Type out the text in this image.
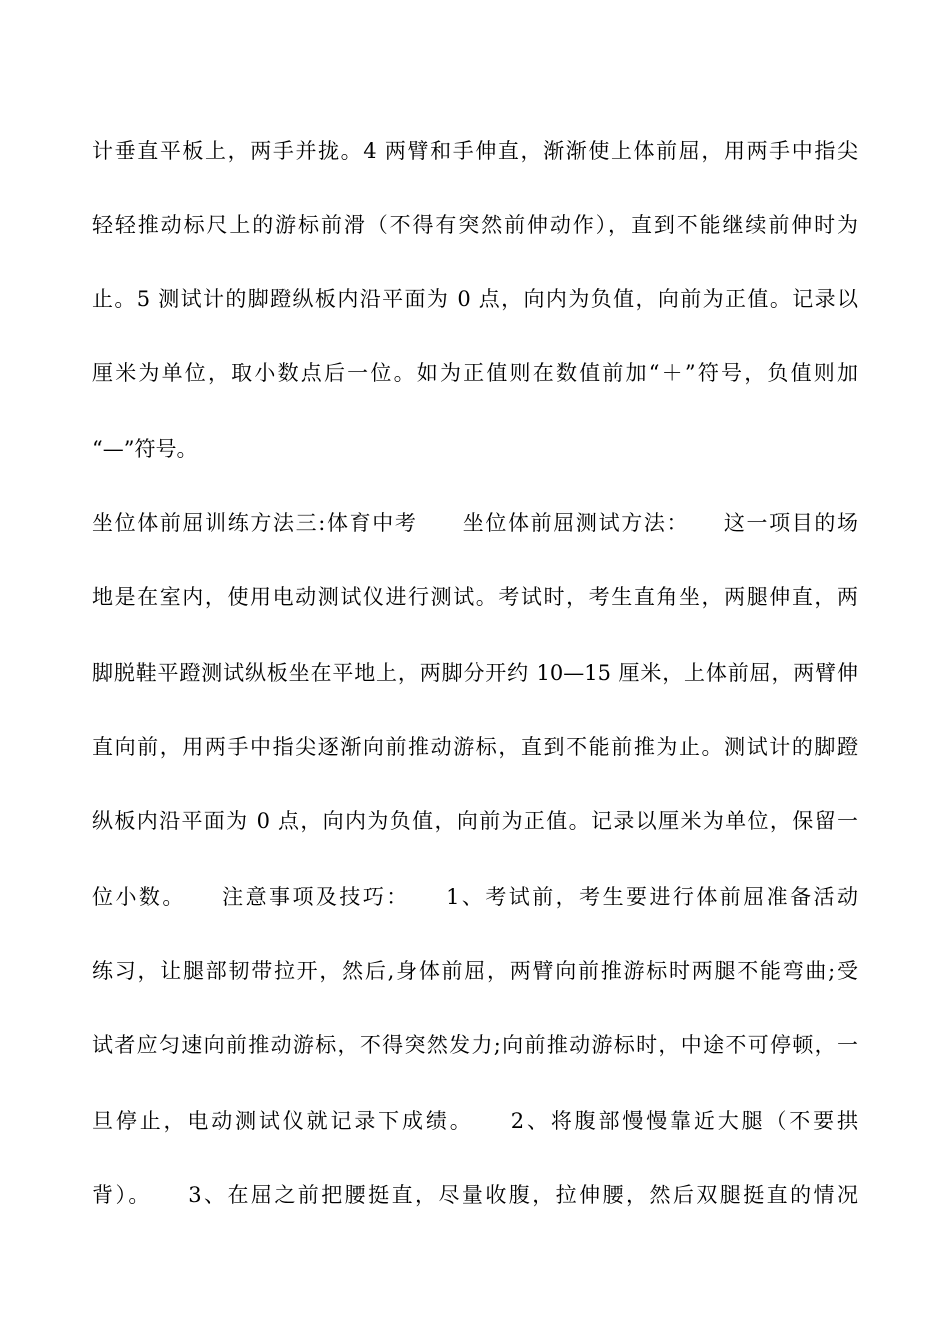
计垂直平板上，两手并拢。4 两臂和手伸直，渐渐使上体前屈，用两手中指尖
轻轻推动标尺上的游标前滑（不得有突然前伸动作），直到不能继续前伸时为
止。5 测试计的脚蹬纵板内沿平面为 0 点，向内为负值，向前为正值。记录以
厘米为单位，取小数点后一位。如为正值则在数值前加“＋”符号，负值则加
“—”符号。
坐位体前屈训练方法三:体育中考　　坐位体前屈测试方法：　　这一项目的场
地是在室内，使用电动测试仪进行测试。考试时，考生直角坐，两腿伸直，两
脚脱鞋平蹬测试纵板坐在平地上，两脚分开约 10—15 厘米，上体前屈，两臂伸
直向前，用两手中指尖逐渐向前推动游标，直到不能前推为止。测试计的脚蹬
纵板内沿平面为 0 点，向内为负值，向前为正值。记录以厘米为单位，保留一
位小数。　　注意事项及技巧：　　1、考试前，考生要进行体前屈准备活动
练习，让腿部韧带拉开，然后,身体前屈，两臂向前推游标时两腿不能弯曲;受
试者应匀速向前推动游标，不得突然发力;向前推动游标时，中途不可停顿，一
旦停止，电动测试仪就记录下成绩。　　2、将腹部慢慢靠近大腿（不要拱
背）。　　3、在屈之前把腰挺直，尽量收腹，拉伸腰，然后双腿挺直的情况
